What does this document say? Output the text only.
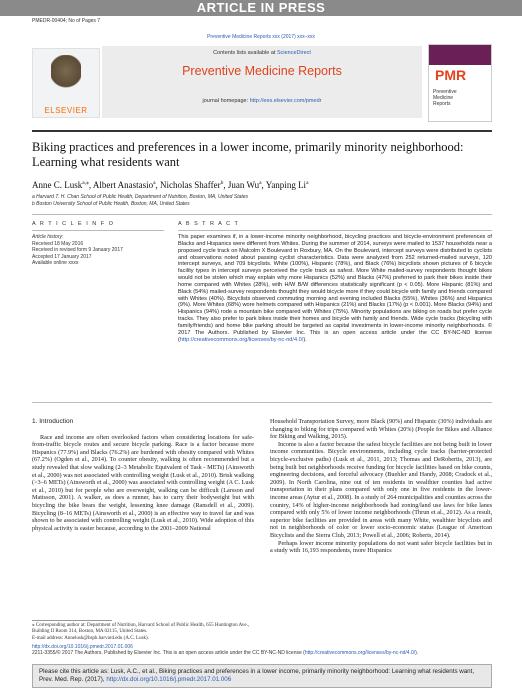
ARTICLE IN PRESS
PMEDR-00404; No of Pages 7
Preventive Medicine Reports xxx (2017) xxx–xxx
ELSEVIER
Contents lists available at ScienceDirect
Preventive Medicine Reports
journal homepage: http://ees.elsevier.com/pmedr
PMR
Preventive
Medicine
Reports
Biking practices and preferences in a lower income, primarily minority neighborhood: Learning what residents want
Anne C. Lusk$^{a,⁎}$, Albert Anastasio$^a$, Nicholas Shaffer$^b$, Juan Wu$^a$, Yanping Li$^a$
a Harvard T. H. Chan School of Public Health, Department of Nutrition, Boston, MA, United States
b Boston University School of Public Health, Boston, MA, United States
A R T I C L E I N F O	A B S T R A C T
Article history:
Received 18 May 2016
Received in revised form 9 January 2017
Accepted 17 January 2017
Available online xxxx
This paper examines if, in a lower-income minority neighborhood, bicycling practices and bicycle-environment preferences of Blacks and Hispanics were different from Whites. During the summer of 2014, surveys were mailed to 1537 households near a proposed cycle track on Malcolm X Boulevard in Roxbury, MA. On the Boulevard, intercept surveys were distributed to cyclists and observations noted about passing cyclist characteristics. Data were analyzed from 252 returned-mailed surveys, 120 intercept surveys, and 709 bicyclists. White (100%), Hispanic (78%), and Black (76%) bicyclists shown pictures of 6 bicycle facility types in intercept surveys perceived the cycle track as safest. More White mailed-survey respondents thought bikes would not be stolen which may explain why more Hispanics (52%) and Blacks (47%) preferred to park their bikes inside their home compared with Whites (28%), with H/W B/W differences statistically significant (p < 0.05). More Hispanic (81%) and Black (54%) mailed-survey respondents thought they would bicycle more if they could bicycle with family and friends compared with Whites (40%). Bicyclists observed commuting morning and evening included Blacks (55%), Whites (36%) and Hispanics (9%). More Whites (68%) wore helmets compared with Hispanics (21%) and Blacks (17%) (p < 0.001). More Blacks (94%) and Hispanics (94%) rode a mountain bike compared with Whites (75%). Minority populations are biking on roads but prefer cycle tracks. They also prefer to park bikes inside their homes and bicycle with family and friends. Wide cycle tracks (bicycling with family/friends) and home bike parking should be targeted as capital investments in lower-income minority neighborhoods. © 2017 The Authors. Published by Elsevier Inc. This is an open access article under the CC BY-NC-ND license (http://creativecommons.org/licenses/by-nc-nd/4.0/).
1. Introduction

Race and income are often overlooked factors when considering locations for safe-from-traffic bicycle routes and secure bicycle parking. Race is a factor because more Hispanics (77.9%) and Blacks (76.2%) are burdened with obesity compared with Whites (67.2%) (Ogden et al., 2014). To counter obesity, walking is often recommended but a study revealed that slow walking (2–3 Metabolic Equivalent of Task - METs) (Ainsworth et al., 2000) was not associated with controlling weight (Lusk et al., 2010). Brisk walking (>3–6 METs) (Ainsworth et al., 2000) was associated with controlling weight (A C. Lusk et al., 2010) but for people who are overweight, walking can be difficult (Larsson and Mattsson, 2001). A walker, as does a runner, has to carry their bodyweight but with bicycling the bike bears the weight, lessening knee damage (Ransdell et al., 2009). Bicycling (8–16 METs) (Ainsworth et al., 2000) is an effective way to travel far and was shown to be associated with controlling weight (Lusk et al., 2010). Wide adoption of this physical activity is easier because, according to the 2001–2009 National

Household Transportation Survey, more Black (90%) and Hispanic (30%) individuals are changing to biking for trips compared with Whites (20%) (People for Bikes and Alliance for Biking and Walking, 2015).

Income is also a factor because the safest bicycle facilities are not being built in lower income communities. Bicycle environments, including cycle tracks (barrier-protected bicycle-exclusive paths) (Lusk et al., 2011, 2013; Thomas and DeRobertis, 2013), are being built but neighborhoods receive funding for bicycle facilities based on bike counts, engineering decisions, and forceful advocacy (Buehler and Handy, 2008; Cradock et al., 2009). In North Carolina, nine out of ten residents in wealthier counties had active transportation in their plans compared with only one in five residents in the lower-income areas (Aytur et al., 2008). In a study of 264 municipalities and counties across the country, 14% of higher-income neighborhoods had zoning/land use laws for bike lanes compared with only 5% of lower income neighborhoods (Thrun et al., 2012). As a result, superior bike facilities are provided in areas with many White, wealthier bicyclists and not in neighborhoods of color or lower socio-economic status (League of American Bicyclists and the Sierra Club, 2013; Powell et al., 2006; Roberts, 2014).

Perhaps lower income minority populations do not want safer bicycle facilities but in a study with 16,193 respondents, more Hispanics

⁎ Corresponding author at: Department of Nutrition, Harvard School of Public Health, 655 Huntington Ave., Building II Room 314, Boston, MA 02115, United States.
E-mail address: Annelusk@hsph.harvard.edu (A.C. Lusk).
http://dx.doi.org/10.1016/j.pmedr.2017.01.006
2211-3355/© 2017 The Authors. Published by Elsevier Inc. This is an open access article under the CC BY-NC-ND license (http://creativecommons.org/licenses/by-nc-nd/4.0/).
Please cite this article as: Lusk, A.C., et al., Biking practices and preferences in a lower income, primarily minority neighborhood: Learning what residents want, Prev. Med. Rep. (2017), http://dx.doi.org/10.1016/j.pmedr.2017.01.006
